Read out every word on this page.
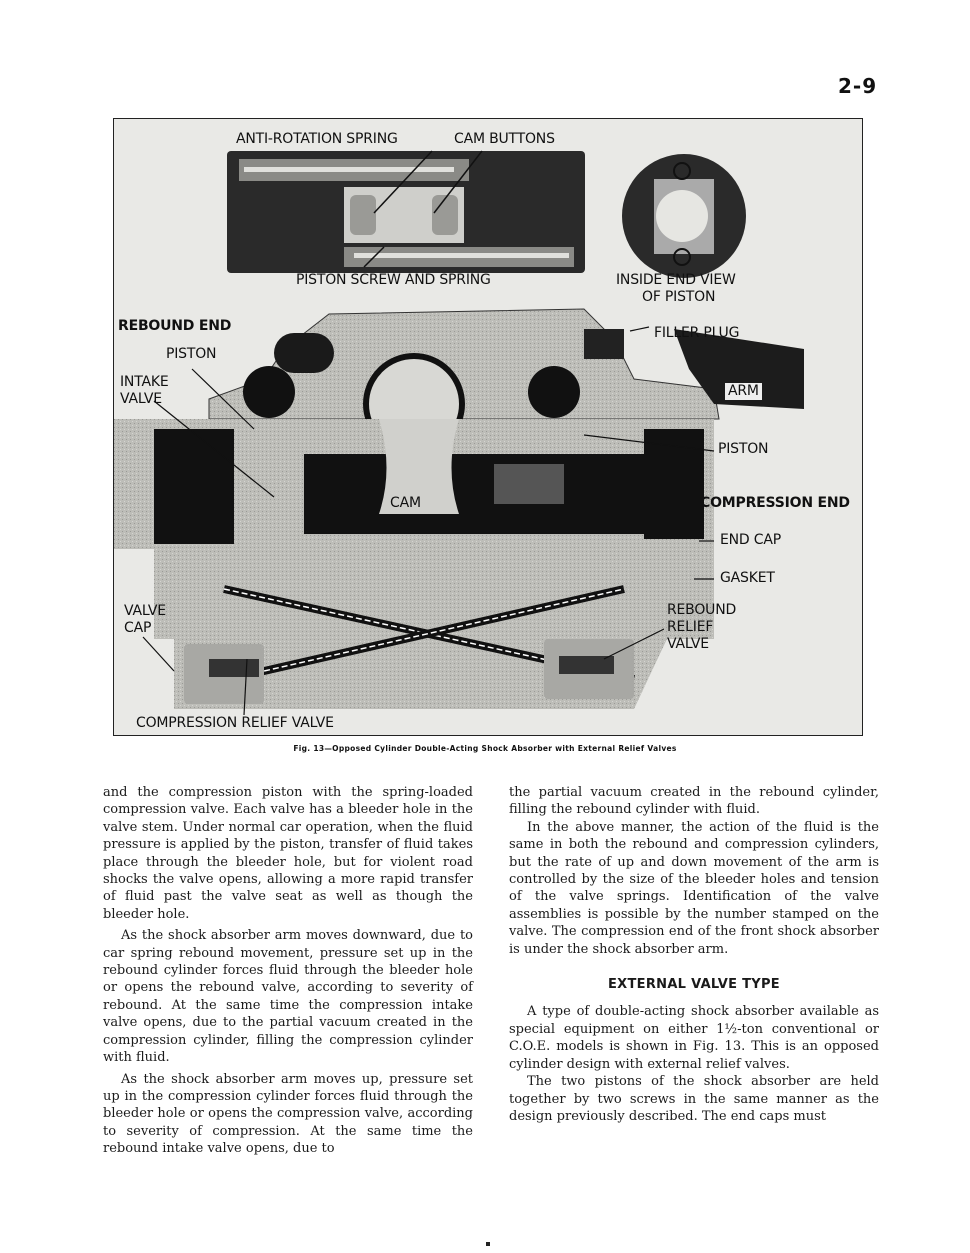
2-9
ANTI-ROTATION SPRING	CAM BUTTONS
PISTON SCREW AND SPRING	INSIDE END VIEW
OF PISTON
REBOUND END
PISTON
INTAKE
VALVE
FILLER PLUG
ARM
PISTON
CAM	COMPRESSION END
END CAP
GASKET
VALVE
CAP
REBOUND
RELIEF
VALVE
COMPRESSION RELIEF VALVE
Fig. 13—Opposed Cylinder Double-Acting Shock Absorber with External Relief Valves

and the compression piston with the spring-loaded compression valve. Each valve has a bleeder hole in the valve stem. Under normal car operation, when the fluid pressure is applied by the piston, transfer of fluid takes place through the bleeder hole, but for violent road shocks the valve opens, allowing a more rapid transfer of fluid past the valve seat as well as though the bleeder hole.

As the shock absorber arm moves downward, due to car spring rebound movement, pressure set up in the rebound cylinder forces fluid through the bleeder hole or opens the rebound valve, according to severity of rebound. At the same time the compression intake valve opens, due to the partial vacuum created in the compression cylinder, filling the compression cylinder with fluid.

As the shock absorber arm moves up, pressure set up in the compression cylinder forces fluid through the bleeder hole or opens the compression valve, according to severity of compression. At the same time the rebound intake valve opens, due to

the partial vacuum created in the rebound cylinder, filling the rebound cylinder with fluid.

In the above manner, the action of the fluid is the same in both the rebound and compression cylinders, but the rate of up and down movement of the arm is controlled by the size of the bleeder holes and tension of the valve springs. Identification of the valve assemblies is possible by the number stamped on the valve. The compression end of the front shock absorber is under the shock absorber arm.

EXTERNAL VALVE TYPE

A type of double-acting shock absorber available as special equipment on either 1½-ton conventional or C.O.E. models is shown in Fig. 13. This is an opposed cylinder design with external relief valves.

The two pistons of the shock absorber are held together by two screws in the same manner as the design previously described. The end caps must
